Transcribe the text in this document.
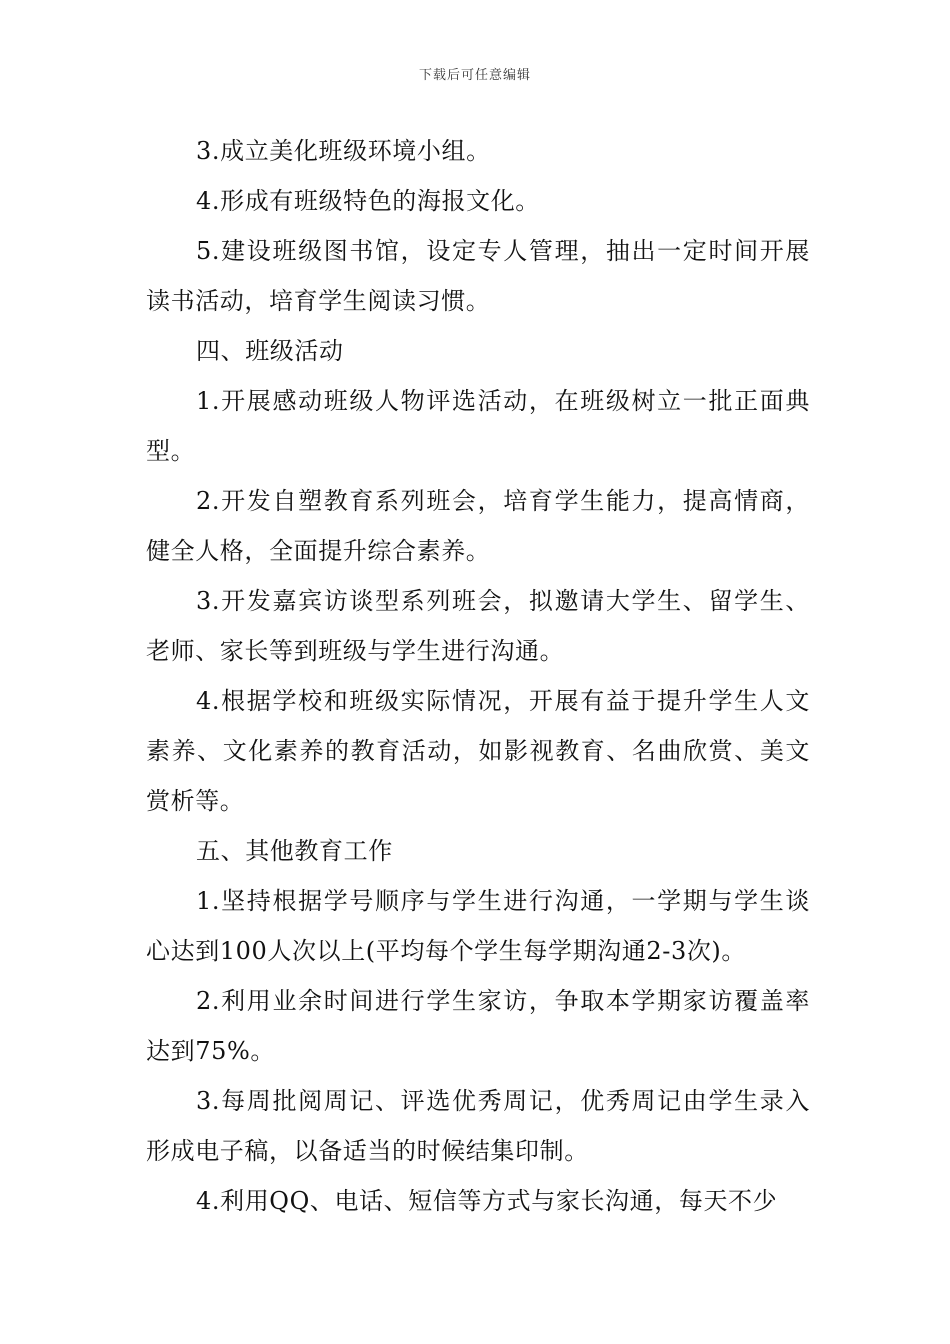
下载后可任意编辑

3.成立美化班级环境小组。

4.形成有班级特色的海报文化。

5.建设班级图书馆，设定专人管理，抽出一定时间开展读书活动，培育学生阅读习惯。

四、班级活动

1.开展感动班级人物评选活动，在班级树立一批正面典型。

2.开发自塑教育系列班会，培育学生能力，提高情商，健全人格，全面提升综合素养。

3.开发嘉宾访谈型系列班会，拟邀请大学生、留学生、老师、家长等到班级与学生进行沟通。

4.根据学校和班级实际情况，开展有益于提升学生人文素养、文化素养的教育活动，如影视教育、名曲欣赏、美文赏析等。

五、其他教育工作

1.坚持根据学号顺序与学生进行沟通，一学期与学生谈心达到100人次以上(平均每个学生每学期沟通2-3次)。

2.利用业余时间进行学生家访，争取本学期家访覆盖率达到75%。

3.每周批阅周记、评选优秀周记，优秀周记由学生录入形成电子稿，以备适当的时候结集印制。

4.利用QQ、电话、短信等方式与家长沟通，每天不少
